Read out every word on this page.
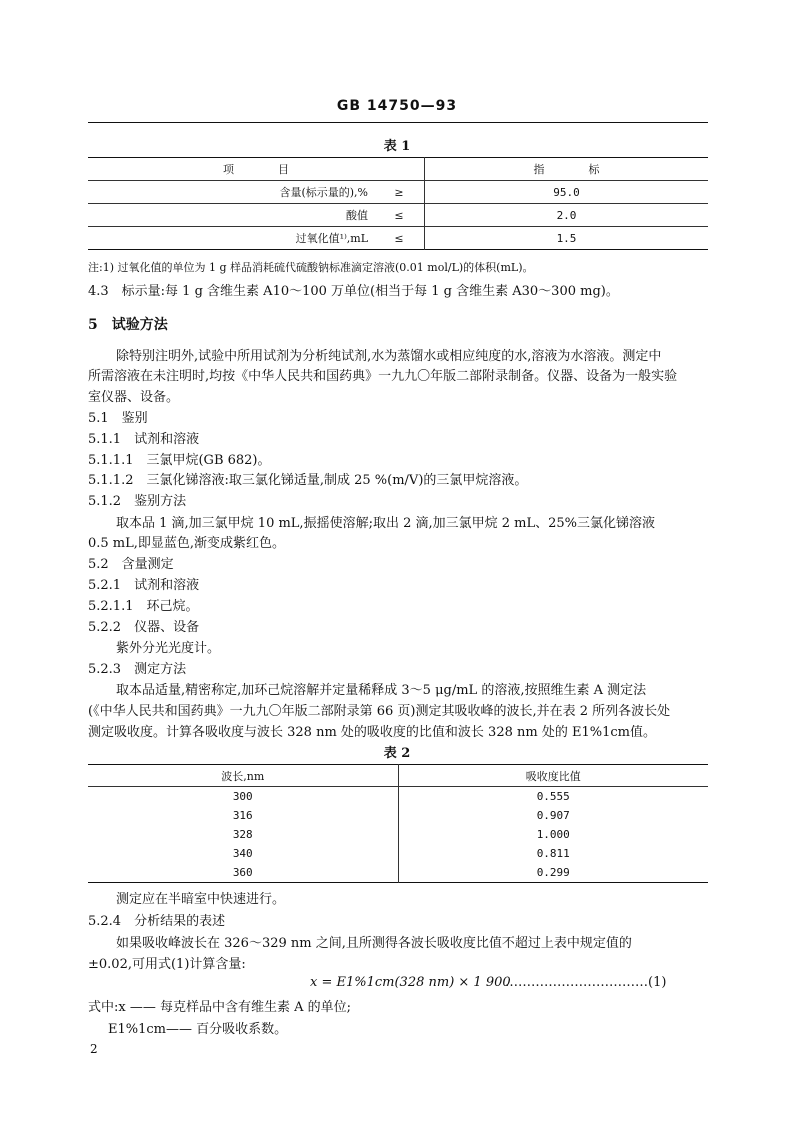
GB 14750—93
表 1
项　　　　目		指　　　　标
含量(标示量的),%	≥	95.0
酸值	≤	2.0
过氧化值¹⁾,mL	≤	1.5
注:1) 过氧化值的单位为 1 g 样品消耗硫代硫酸钠标准滴定溶液(0.01 mol/L)的体积(mL)。
4.3　标示量:每 1 g 含维生素 A10～100 万单位(相当于每 1 g 含维生素 A30～300 mg)。
5　试验方法
除特别注明外,试验中所用试剂为分析纯试剂,水为蒸馏水或相应纯度的水,溶液为水溶液。测定中
所需溶液在未注明时,均按《中华人民共和国药典》一九九〇年版二部附录制备。仪器、设备为一般实验
室仪器、设备。
5.1　鉴别
5.1.1　试剂和溶液
5.1.1.1　三氯甲烷(GB 682)。
5.1.1.2　三氯化锑溶液:取三氯化锑适量,制成 25 %(m/V)的三氯甲烷溶液。
5.1.2　鉴别方法
取本品 1 滴,加三氯甲烷 10 mL,振摇使溶解;取出 2 滴,加三氯甲烷 2 mL、25%三氯化锑溶液
0.5 mL,即显蓝色,渐变成紫红色。
5.2　含量测定
5.2.1　试剂和溶液
5.2.1.1　环己烷。
5.2.2　仪器、设备
紫外分光光度计。
5.2.3　测定方法
取本品适量,精密称定,加环己烷溶解并定量稀释成 3～5 μg/mL 的溶液,按照维生素 A 测定法
(《中华人民共和国药典》一九九〇年版二部附录第 66 页)测定其吸收峰的波长,并在表 2 所列各波长处
测定吸收度。计算各吸收度与波长 328 nm 处的吸收度的比值和波长 328 nm 处的 E1%1cm值。
表 2
波长,nm	吸收度比值
300	0.555
316	0.907
328	1.000
340	0.811
360	0.299
测定应在半暗室中快速进行。
5.2.4　分析结果的表述
如果吸收峰波长在 326～329 nm 之间,且所测得各波长吸收度比值不超过上表中规定值的
±0.02,可用式(1)计算含量:
x = E1%1cm(328 nm) × 1 900
……………………………(1)
式中:x —— 每克样品中含有维生素 A 的单位;
E1%1cm—— 百分吸收系数。
2
